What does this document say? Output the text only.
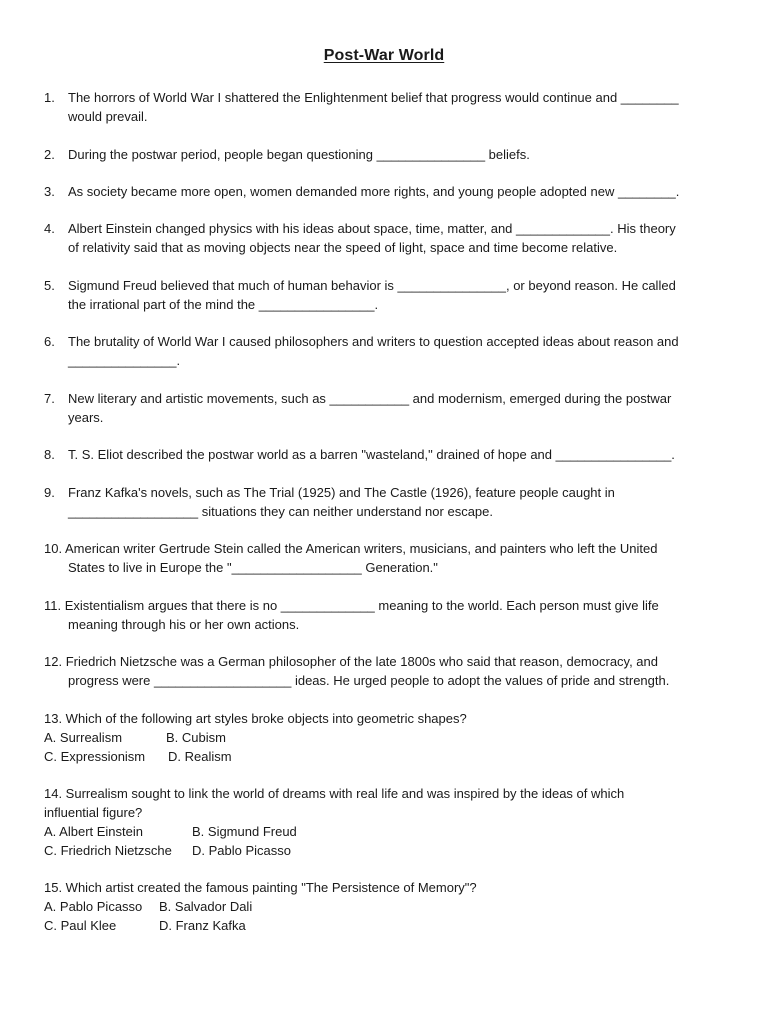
Post-War World
1. The horrors of World War I shattered the Enlightenment belief that progress would continue and ________
would prevail.
2. During the postwar period, people began questioning _______________ beliefs.
3. As society became more open, women demanded more rights, and young people adopted new ________.
4. Albert Einstein changed physics with his ideas about space, time, matter, and _____________. His theory
of relativity said that as moving objects near the speed of light, space and time become relative.
5. Sigmund Freud believed that much of human behavior is _______________, or beyond reason. He called
the irrational part of the mind the ________________.
6. The brutality of World War I caused philosophers and writers to question accepted ideas about reason and
_______________.
7. New literary and artistic movements, such as ___________ and modernism, emerged during the postwar
years.
8. T. S. Eliot described the postwar world as a barren "wasteland," drained of hope and ________________.
9. Franz Kafka's novels, such as The Trial (1925) and The Castle (1926), feature people caught in
__________________ situations they can neither understand nor escape.
10. American writer Gertrude Stein called the American writers, musicians, and painters who left the United
States to live in Europe the "__________________ Generation."
11. Existentialism argues that there is no _____________ meaning to the world. Each person must give life
meaning through his or her own actions.
12. Friedrich Nietzsche was a German philosopher of the late 1800s who said that reason, democracy, and
progress were ___________________ ideas. He urged people to adopt the values of pride and strength.
13. Which of the following art styles broke objects into geometric shapes?
A. Surrealism	B. Cubism
C. Expressionism D. Realism
14. Surrealism sought to link the world of dreams with real life and was inspired by the ideas of which
influential figure?
A. Albert Einstein	B. Sigmund Freud
C. Friedrich Nietzsche D. Pablo Picasso
15. Which artist created the famous painting "The Persistence of Memory"?
A. Pablo Picasso B. Salvador Dali
C. Paul Klee	D. Franz Kafka
